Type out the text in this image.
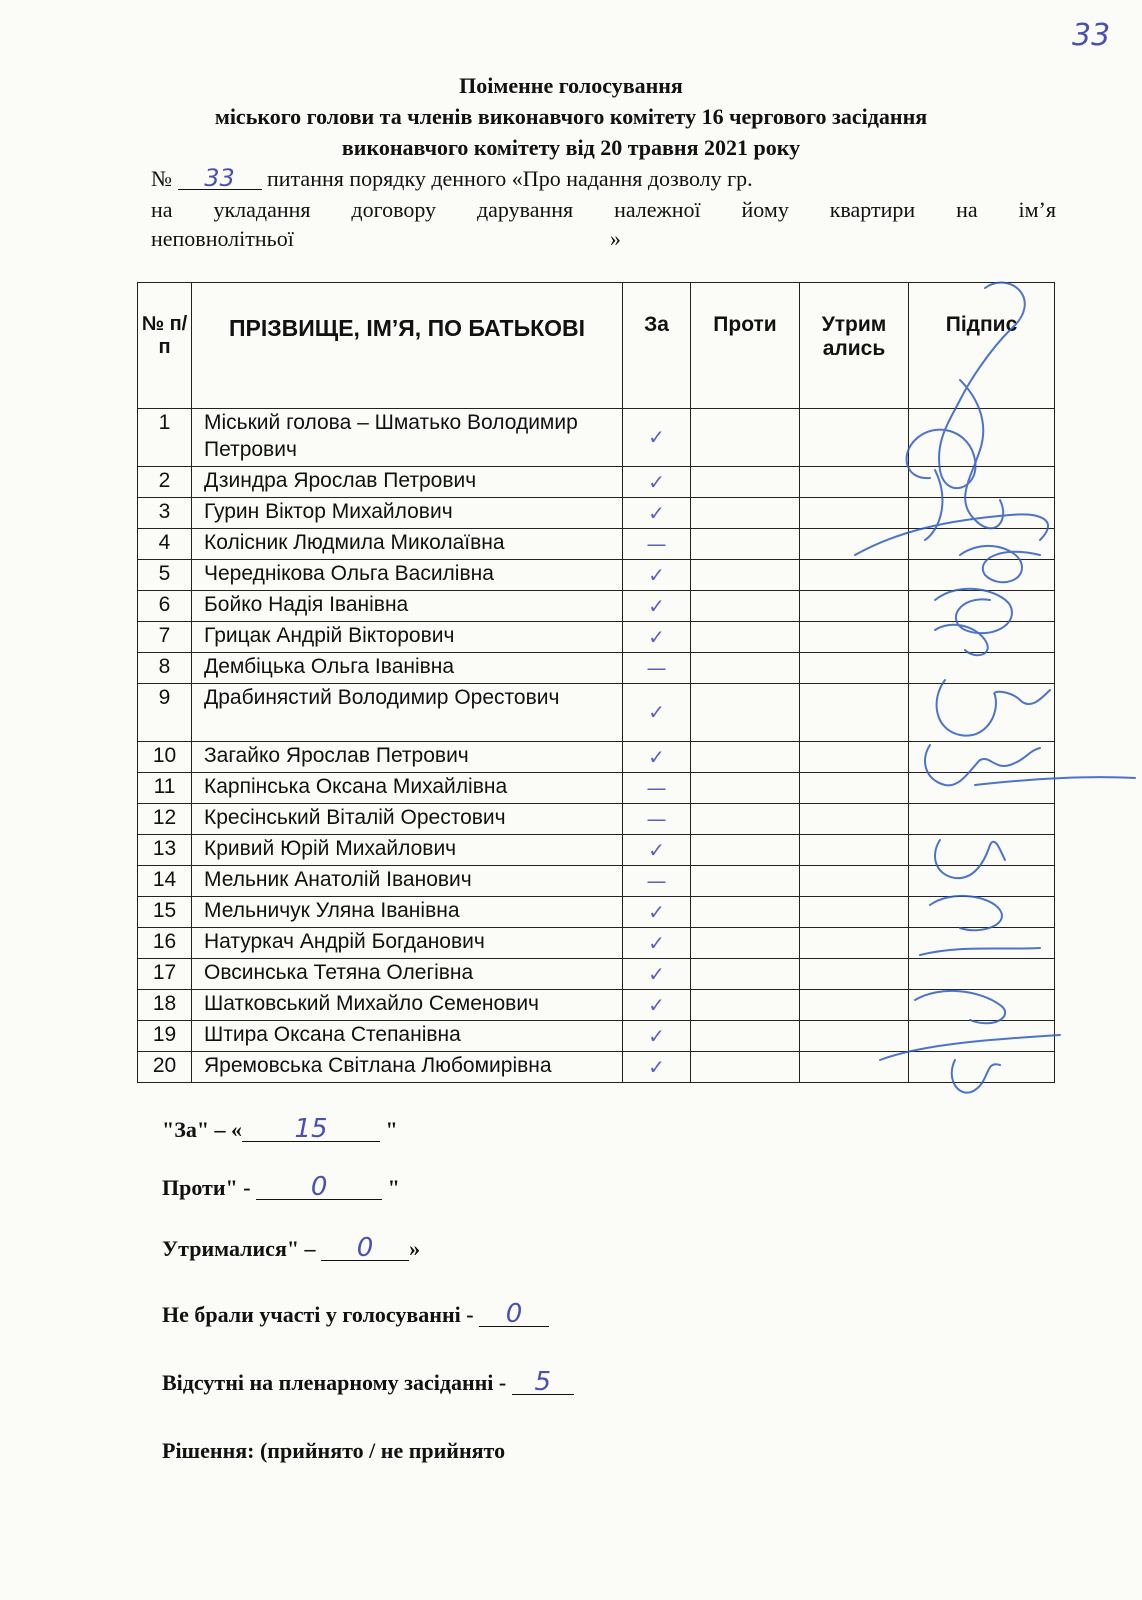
33
Поіменне голосування
міського голови та членів виконавчого комітету 16 чергового засідання
виконавчого комітету від 20 травня 2021 року
№ 33 питання порядку денного «Про надання дозволу гр.
на укладання договору дарування належної йому квартири на ім’я
неповнолітньої	»
№ п/ п	ПРІЗВИЩЕ, ІМ’Я, ПО БАТЬКОВІ	За	Проти	Утрим ались	Підпис
1	Міський голова – Шматько Володимир Петрович	✓			
2	Дзиндра Ярослав Петрович	✓			
3	Гурин Віктор Михайлович	✓			
4	Колісник Людмила Миколаївна	—			
5	Череднікова Ольга Василівна	✓			
6	Бойко Надія Іванівна	✓			
7	Грицак Андрій Вікторович	✓			
8	Дембіцька Ольга Іванівна	—			
9	Драбинястий Володимир Орестович	✓			
10	Загайко Ярослав Петрович	✓			
11	Карпінська Оксана Михайлівна	—			
12	Кресінський Віталій Орестович	—			
13	Кривий Юрій Михайлович	✓			
14	Мельник Анатолій Іванович	—			
15	Мельничук Уляна Іванівна	✓			
16	Натуркач Андрій Богданович	✓			
17	Овсинська Тетяна Олегівна	✓			
18	Шатковський Михайло Семенович	✓			
19	Штира Оксана Степанівна	✓			
20	Яремовська Світлана Любомирівна	✓			
"За" – « 15	"
Проти" - 0	"
Утрималися" – 0 »
Не брали участі у голосуванні - 0
Відсутні на пленарному засіданні - 5
Рішення: (прийнято / не прийнято
